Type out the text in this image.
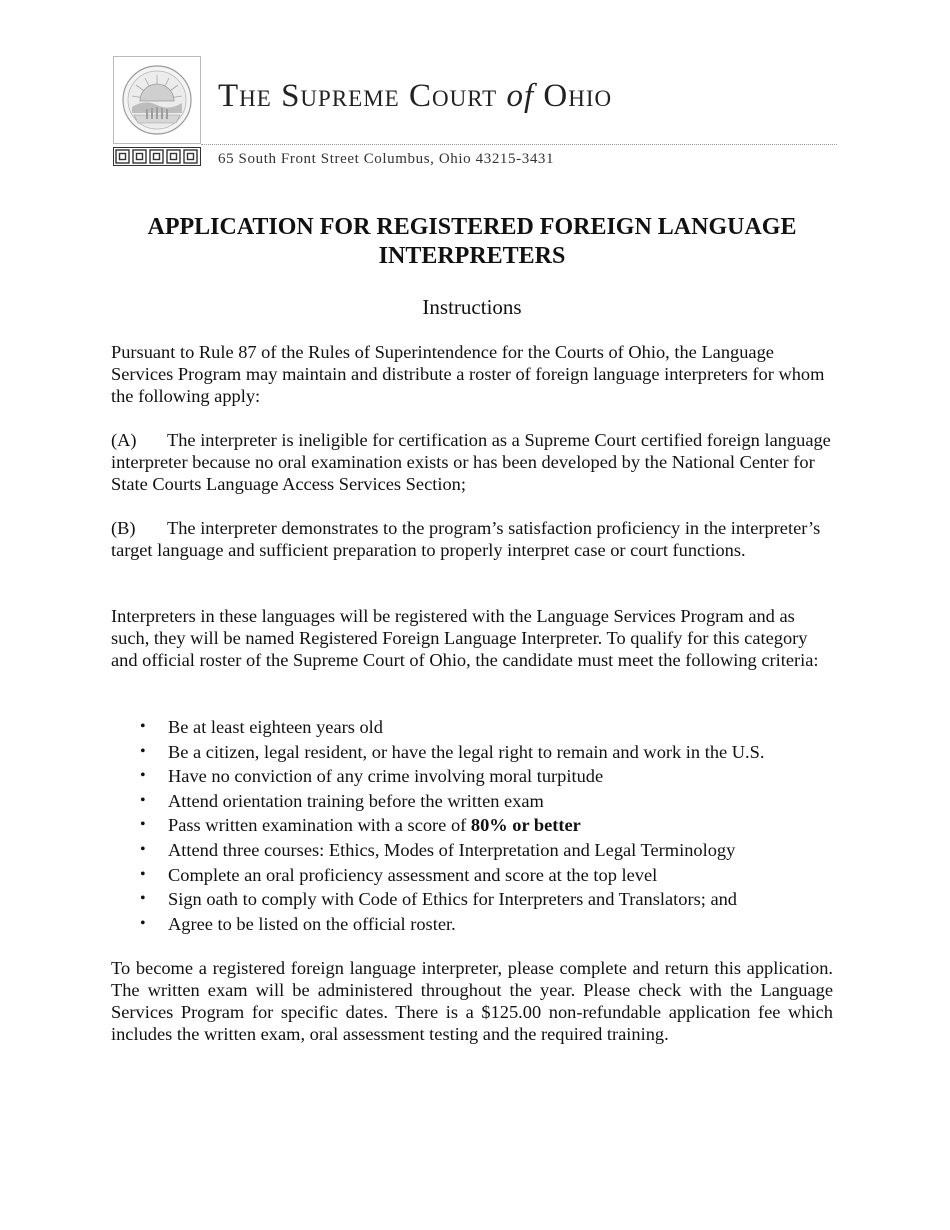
The Supreme Court of Ohio
65 South Front Street Columbus, Ohio 43215-3431
APPLICATION FOR REGISTERED FOREIGN LANGUAGE
INTERPRETERS
Instructions

Pursuant to Rule 87 of the Rules of Superintendence for the Courts of Ohio, the Language Services Program may maintain and distribute a roster of foreign language interpreters for whom the following apply:

(A) The interpreter is ineligible for certification as a Supreme Court certified foreign language interpreter because no oral examination exists or has been developed by the National Center for State Courts Language Access Services Section;

(B) The interpreter demonstrates to the program’s satisfaction proficiency in the interpreter’s target language and sufficient preparation to properly interpret case or court functions.

Interpreters in these languages will be registered with the Language Services Program and as such, they will be named Registered Foreign Language Interpreter. To qualify for this category and official roster of the Supreme Court of Ohio, the candidate must meet the following criteria:

• Be at least eighteen years old
• Be a citizen, legal resident, or have the legal right to remain and work in the U.S.
• Have no conviction of any crime involving moral turpitude
• Attend orientation training before the written exam
• Pass written examination with a score of 80% or better
• Attend three courses: Ethics, Modes of Interpretation and Legal Terminology
• Complete an oral proficiency assessment and score at the top level
• Sign oath to comply with Code of Ethics for Interpreters and Translators; and
• Agree to be listed on the official roster.

To become a registered foreign language interpreter, please complete and return this application. The written exam will be administered throughout the year. Please check with the Language Services Program for specific dates. There is a $125.00 non-refundable application fee which includes the written exam, oral assessment testing and the required training.
